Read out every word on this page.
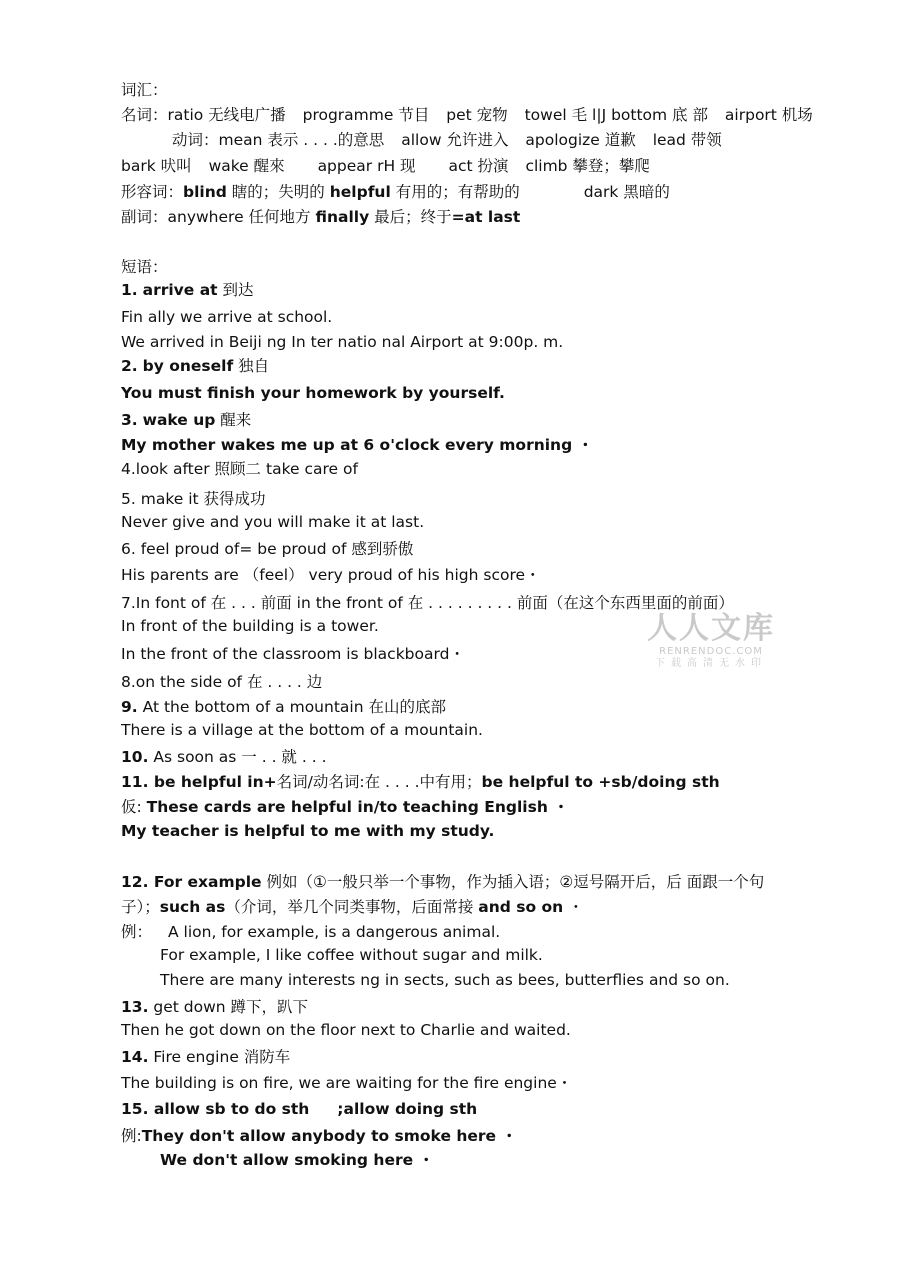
词汇：
名词：ratio 无线电广播 programme 节目 pet 宠物 towel 毛 l|J bottom 底 部 airport 机场
动词：mean 表示 . . . .的意思 allow 允许进入 apologize 道歉 lead 带领
bark 吠叫 wake 醒來 appear rH 现 act 扮演 climb 攀登；攀爬
形容词：blind 瞎的；失明的 helpful 有用的；有帮助的	dark 黑暗的
副词：anywhere 任何地方 finally 最后；终于=at last
短语：
1. arrive at 到达
Fin ally we arrive at school.
We arrived in Beiji ng In ter natio nal Airport at 9:00p. m.
2. by oneself 独自
You must finish your homework by yourself.
3. wake up 醒来
My mother wakes me up at 6 o'clock every morning ・
4.look after 照顾二 take care of
5. make it 获得成功
Never give and you will make it at last.
6. feel proud of= be proud of 感到骄傲
His parents are （feel） very proud of his high score・
7.In font of 在 . . . 前面 in the front of 在 . . . . . . . . . 前面（在这个东西里面的前面）
In front of the building is a tower.
In the front of the classroom is blackboard・
8.on the side of 在 . . . . 边
9. At the bottom of a mountain 在山的底部
There is a village at the bottom of a mountain.
10. As soon as 一 . . 就 . . .
11. be helpful in+名词/动名词:在 . . . .中有用；be helpful to +sb/doing sth
仮: These cards are helpful in/to teaching English ・
My teacher is helpful to me with my study.
12. For example 例如（①一般只举一个事物，作为插入语；②逗号隔开后，后 面跟一个句
子）；such as（介词，举几个同类事物，后面常接 and so on ・
例：	A lion, for example, is a dangerous animal.
For example, I like coffee without sugar and milk.
There are many interests ng in sects, such as bees, butterflies and so on.
13. get down 蹲下，趴下
Then he got down on the floor next to Charlie and waited.
14. Fire engine 消防车
The building is on fire, we are waiting for the fire engine・
15. allow sb to do sth ;allow doing sth
例:They don't allow anybody to smoke here ・
We don't allow smoking here ・
人人文库
RENRENDOC.COM
下载高清无水印
